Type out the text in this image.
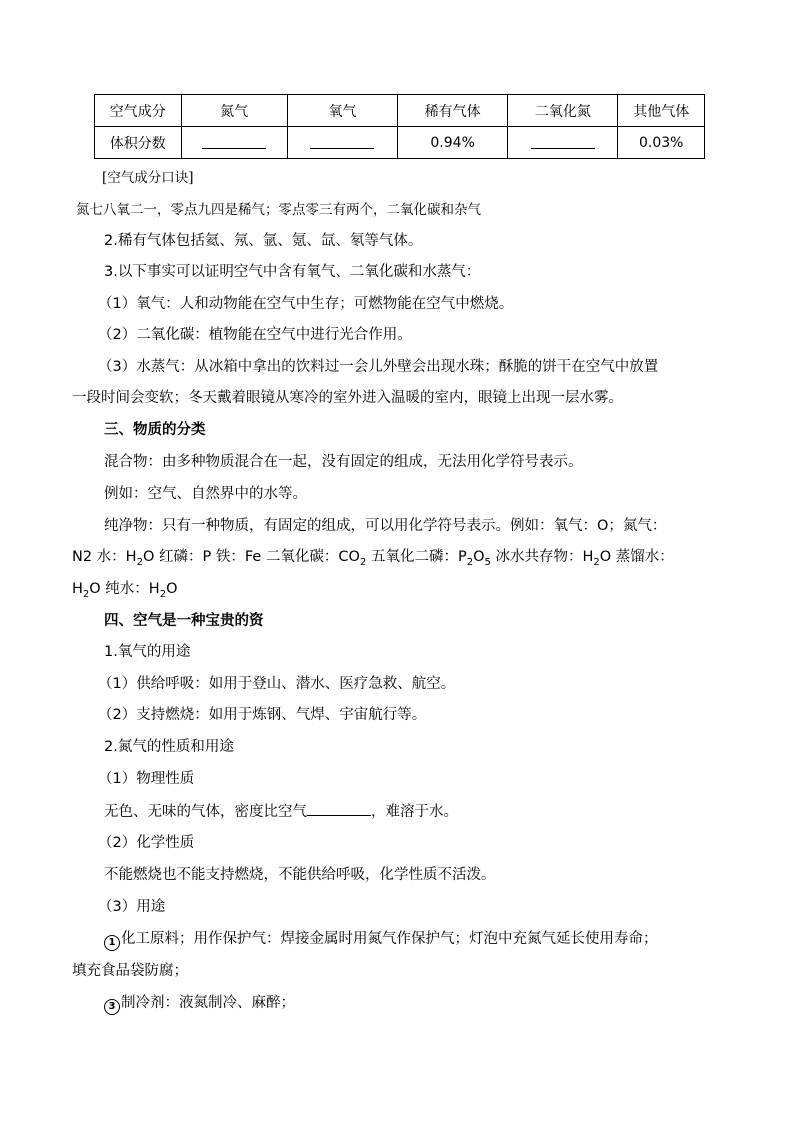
空气成分	氮气	氧气	稀有气体	二氧化氮	其他气体
体积分数			0.94%		0.03%
[空气成分口诀]
氮七八氧二一，零点九四是稀气；零点零三有两个，二氧化碳和杂气
2.稀有气体包括氦、氖、氩、氪、氙、氡等气体。
3.以下事实可以证明空气中含有氧气、二氧化碳和水蒸气：
（1）氧气：人和动物能在空气中生存；可燃物能在空气中燃烧。
（2）二氧化碳：植物能在空气中进行光合作用。
（3）水蒸气：从冰箱中拿出的饮料过一会儿外壁会出现水珠；酥脆的饼干在空气中放置
一段时间会变软；冬天戴着眼镜从寒冷的室外进入温暖的室内，眼镜上出现一层水雾。
三、物质的分类
混合物：由多种物质混合在一起，没有固定的组成，无法用化学符号表示。
例如：空气、自然界中的水等。
纯净物：只有一种物质，有固定的组成，可以用化学符号表示。例如：氧气：O；氮气：
N2 水：$H_2O$ 红磷：P 铁：Fe 二氧化碳：$CO_2$ 五氧化二磷：$P_2O_5$ 冰水共存物：$H_2O$ 蒸馏水：
$H_2O$ 纯水：$H_2O$
四、空气是一种宝贵的资
1.氧气的用途
（1）供给呼吸：如用于登山、潜水、医疗急救、航空。
（2）支持燃烧：如用于炼钢、气焊、宇宙航行等。
2.氮气的性质和用途
（1）物理性质
无色、无味的气体，密度比空气	，难溶于水。
（2）化学性质
不能燃烧也不能支持燃烧，不能供给呼吸，化学性质不活泼。
（3）用途
1 化工原料；用作保护气：焊接金属时用氮气作保护气；灯泡中充氮气延长使用寿命；
填充食品袋防腐；
3 制冷剂：液氮制冷、麻醉；
